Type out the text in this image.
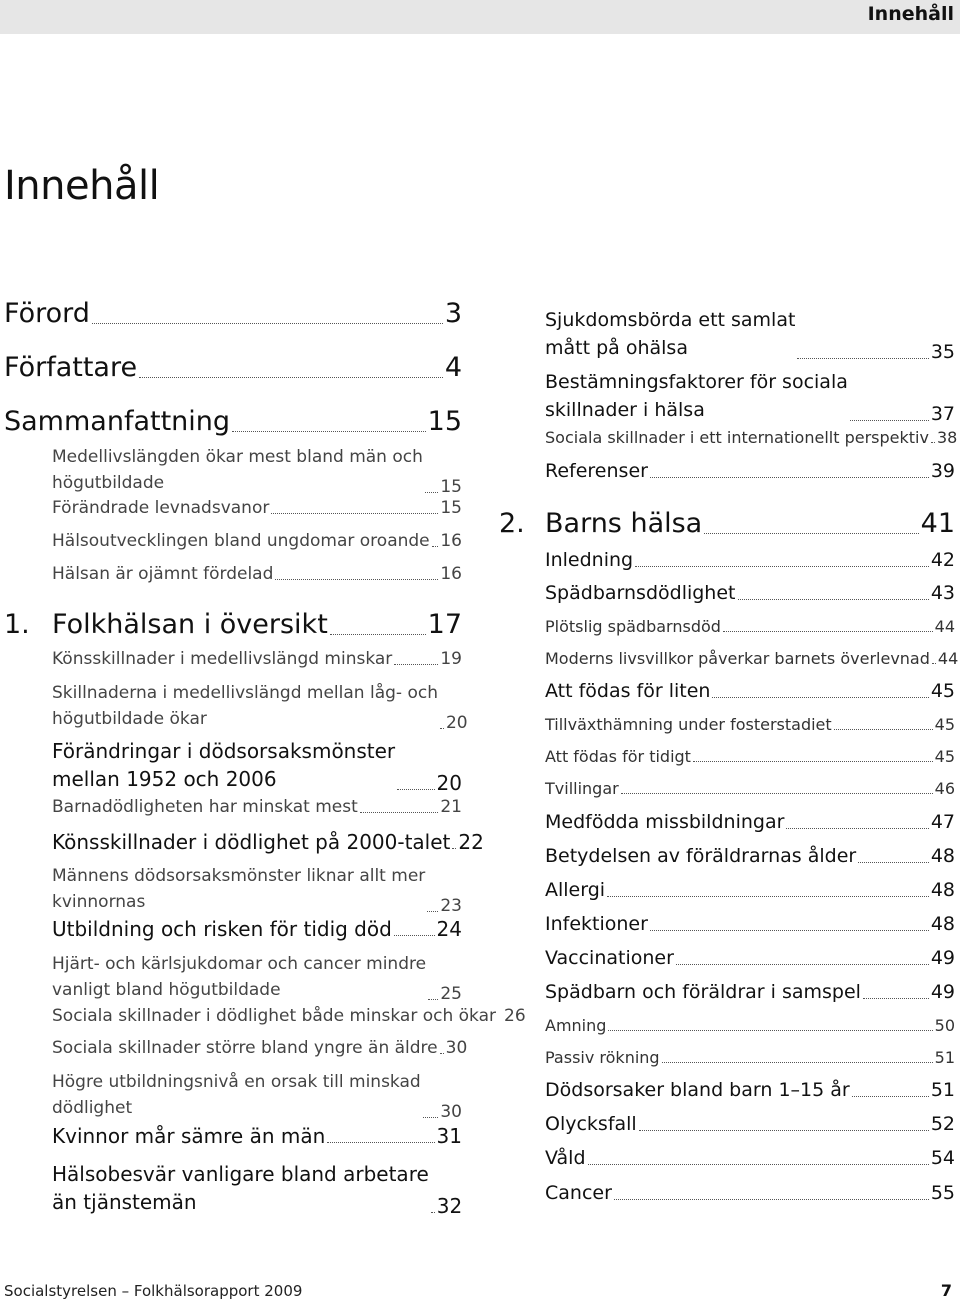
Innehåll
Innehåll
Förord	3
Författare	4
Sammanfattning	15
Medellivslängden ökar mest bland män och
högutbildade	15
Förändrade levnadsvanor	15
Hälsoutvecklingen bland ungdomar oroande 16
Hälsan är ojämnt fördelad	16
1. Folkhälsan i översikt	17
Könsskillnader i medellivslängd minskar	19
Skillnaderna i medellivslängd mellan låg- och
högutbildade ökar	20
Förändringar i dödsorsaksmönster
mellan 1952 och 2006	20
Barnadödligheten har minskat mest	21
Könsskillnader i dödlighet på 2000-talet 22
Männens dödsorsaksmönster liknar allt mer
kvinnornas	23
Utbildning och risken för tidig död 24
Hjärt- och kärlsjukdomar och cancer mindre
vanligt bland högutbildade	25
Sociala skillnader i dödlighet både minskar och ökar 26
Sociala skillnader större bland yngre än äldre 30
Högre utbildningsnivå en orsak till minskad
dödlighet	30
Kvinnor mår sämre än män	31
Hälsobesvär vanligare bland arbetare
än tjänstemän	32
Sjukdomsbörda ett samlat
mått på ohälsa	35
Bestämningsfaktorer för sociala
skillnader i hälsa	37
Sociala skillnader i ett internationellt perspektiv 38
Referenser	39
2. Barns hälsa	41
Inledning	42
Spädbarnsdödlighet	43
Plötslig spädbarnsdöd	44
Moderns livsvillkor påverkar barnets överlevnad 44
Att födas för liten	45
Tillväxthämning under fosterstadiet	45
Att födas för tidigt	45
Tvillingar	46
Medfödda missbildningar	47
Betydelsen av föräldrarnas ålder	48
Allergi	48
Infektioner	48
Vaccinationer	49
Spädbarn och föräldrar i samspel	49
Amning	50
Passiv rökning	51
Dödsorsaker bland barn 1–15 år	51
Olycksfall	52
Våld	54
Cancer	55
Socialstyrelsen – Folkhälsorapport 2009	7
